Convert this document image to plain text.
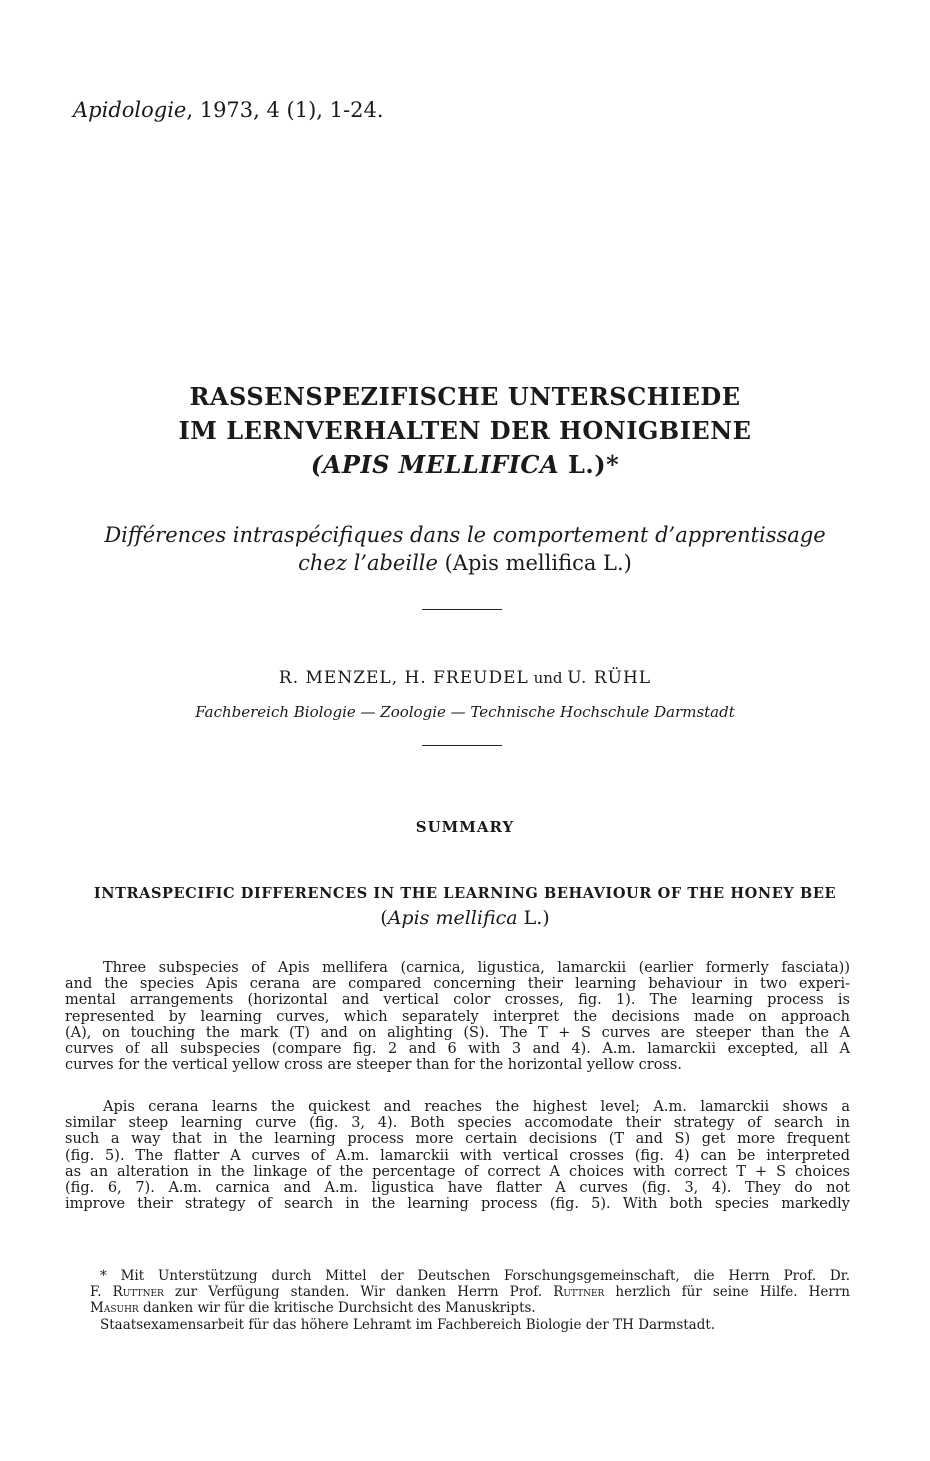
Apidologie, 1973, 4 (1), 1-24.
RASSENSPEZIFISCHE UNTERSCHIEDE
IM LERNVERHALTEN DER HONIGBIENE
(APIS MELLIFICA L.)*
Différences intraspécifiques dans le comportement d’apprentissage
chez l’abeille (Apis mellifica L.)
R. MENZEL, H. FREUDEL und U. RÜHL
Fachbereich Biologie — Zoologie — Technische Hochschule Darmstadt
SUMMARY
INTRASPECIFIC DIFFERENCES IN THE LEARNING BEHAVIOUR OF THE HONEY BEE
(Apis mellifica L.)
Three subspecies of Apis mellifera (carnica, ligustica, lamarckii (earlier formerly fasciata))
and the species Apis cerana are compared concerning their learning behaviour in two experi-
mental arrangements (horizontal and vertical color crosses, fig. 1). The learning process is
represented by learning curves, which separately interpret the decisions made on approach
(A), on touching the mark (T) and on alighting (S). The T + S curves are steeper than the A
curves of all subspecies (compare fig. 2 and 6 with 3 and 4). A.m. lamarckii excepted, all A
curves for the vertical yellow cross are steeper than for the horizontal yellow cross.
Apis cerana learns the quickest and reaches the highest level; A.m. lamarckii shows a
similar steep learning curve (fig. 3, 4). Both species accomodate their strategy of search in
such a way that in the learning process more certain decisions (T and S) get more frequent
(fig. 5). The flatter A curves of A.m. lamarckii with vertical crosses (fig. 4) can be interpreted
as an alteration in the linkage of the percentage of correct A choices with correct T + S choices
(fig. 6, 7). A.m. carnica and A.m. ligustica have flatter A curves (fig. 3, 4). They do not
improve their strategy of search in the learning process (fig. 5). With both species markedly
* Mit Unterstützung durch Mittel der Deutschen Forschungsgemeinschaft, die Herrn Prof. Dr.
F. Ruttner zur Verfügung standen. Wir danken Herrn Prof. Ruttner herzlich für seine Hilfe. Herrn
Masuhr danken wir für die kritische Durchsicht des Manuskripts.
Staatsexamensarbeit für das höhere Lehramt im Fachbereich Biologie der TH Darmstadt.
